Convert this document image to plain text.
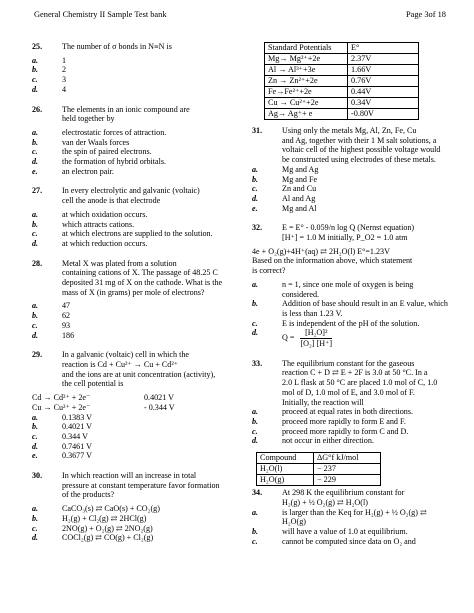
General Chemistry II Sample Test bank	Page 3of 18
25.	The number of σ bonds in N≡N is
a.	1
b.	2
c.	3
d.	4
26.	The elements in an ionic compound are
held together by
a.	electrostatic forces of attraction.
b.	van der Waals forces
c.	the spin of paired electrons.
d.	the formation of hybrid orbitals.
e.	an electron pair.
27.	In every electrolytic and galvanic (voltaic)
cell the anode is that electrode
a.	at which oxidation occurs.
b.	which attracts cations.
c.	at which electrons are supplied to the solution.
d.	at which reduction occurs.
28.	Metal X was plated from a solution
containing cations of X. The passage of 48.25 C
deposited 31 mg of X on the cathode. What is the
mass of X (in grams) per mole of electrons?
a.	47
b.	62
c.	93
d.	186
29.	In a galvanic (voltaic) cell in which the
reaction is Cd + Cu²⁺ → Cu + Cd²⁺
and the ions are at unit concentration (activity),
the cell potential is
Cd → Cd²⁺ + 2e⁻	0.4021 V
Cu → Cu²⁺ + 2e⁻	- 0.344 V
a.	0.1383 V
b.	0.4021 V
c.	0.344 V
d.	0.7461 V
e.	0.3677 V
30.	In which reaction will an increase in total
pressure at constant temperature favor formation
of the products?
a.	CaCO₃(s) ⇄ CaO(s) + CO₂(g)
b.	H₂(g) + Cl₂(g) ⇄ 2HCl(g)
c.	2NO(g) + O₂(g) ⇄ 2NO₂(g)
d.	COCl₂(g) ⇄ CO(g) + Cl₂(g)
Standard Potentials	E°
Mg→ Mg²⁺+2e	2.37V
Al → Al³⁺+3e	1.66V
Zn → Zn²⁺+2e	0.76V
Fe→Fe²⁺+2e	0.44V
Cu → Cu²⁺+2e	0.34V
Ag→ Ag⁺+ e	-0.80V
31.	Using only the metals Mg, Al, Zn, Fe, Cu
and Ag, together with their 1 M salt solutions, a
voltaic cell of the highest possible voltage would
be constructed using electrodes of these metals.
a.	Mg and Ag
b.	Mg and Fe
c.	Zn and Cu
d.	Al and Ag
e.	Mg and Al
32.	E = E° - 0.059/n log Q (Nernst equation)
[H⁺] = 1.0 M initially, P_O2 = 1.0 atm
4e + O₂(g)+4H⁺(aq) ⇄ 2H₂O(l) E°=1.23V
Based on the information above, which statement
is correct?
a.	n = 1, since one mole of oxygen is being considered.
b.	Addition of base should result in an E value, which is less than 1.23 V.
c.	E is independent of the pH of the solution.
d.
$Q = \frac{\text{[H₂O]²}}{\text{[O₂] [H⁺]}}$
33.	The equilibrium constant for the gaseous
reaction C + D ⇄ E + 2F is 3.0 at 50 °C. In a
2.0 L flask at 50 °C are placed 1.0 mol of C, 1.0
mol of D, 1.0 mol of E, and 3.0 mol of F.
Initially, the reaction will
a.	proceed at equal rates in both directions.
b.	proceed more rapidly to form E and F.
c.	proceed more rapidly to form C and D.
d.	not occur in either direction.
Compound	ΔG°f kJ/mol
H₂O(l)	− 237
H₂O(g)	− 229
34.	At 298 K the equilibrium constant for
H₂(g) + ½ O₂(g) ⇄ H₂O(l)
a.	is larger than the Keq for H₂(g) + ½ O₂(g) ⇄ H₂O(g)
b.	will have a value of 1.0 at equilibrium.
c.	cannot be computed since data on O₂ and
